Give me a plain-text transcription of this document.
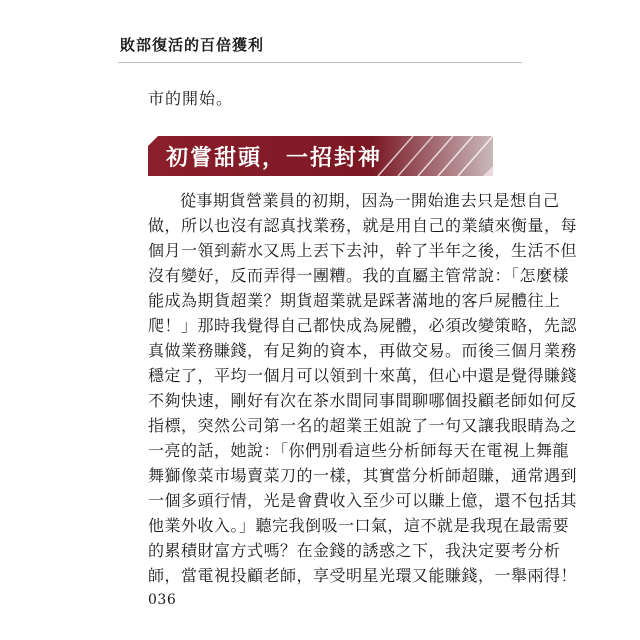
敗部復活的百倍獲利
市的開始。
初嘗甜頭，一招封神
從事期貨營業員的初期，因為一開始進去只是想自己
做，所以也沒有認真找業務，就是用自己的業績來衡量，每
個月一領到薪水又馬上丟下去沖，幹了半年之後，生活不但
沒有變好，反而弄得一團糟。我的直屬主管常說：「怎麼樣
能成為期貨超業？期貨超業就是踩著滿地的客戶屍體往上
爬！」那時我覺得自己都快成為屍體，必須改變策略，先認
真做業務賺錢，有足夠的資本，再做交易。而後三個月業務
穩定了，平均一個月可以領到十來萬，但心中還是覺得賺錢
不夠快速，剛好有次在茶水間同事間聊哪個投顧老師如何反
指標，突然公司第一名的超業王姐說了一句又讓我眼睛為之
一亮的話，她說：「你們別看這些分析師每天在電視上舞龍
舞獅像菜市場賣菜刀的一樣，其實當分析師超賺，通常遇到
一個多頭行情，光是會費收入至少可以賺上億，還不包括其
他業外收入。」聽完我倒吸一口氣，這不就是我現在最需要
的累積財富方式嗎？在金錢的誘惑之下，我決定要考分析
師，當電視投顧老師，享受明星光環又能賺錢，一舉兩得！
036
